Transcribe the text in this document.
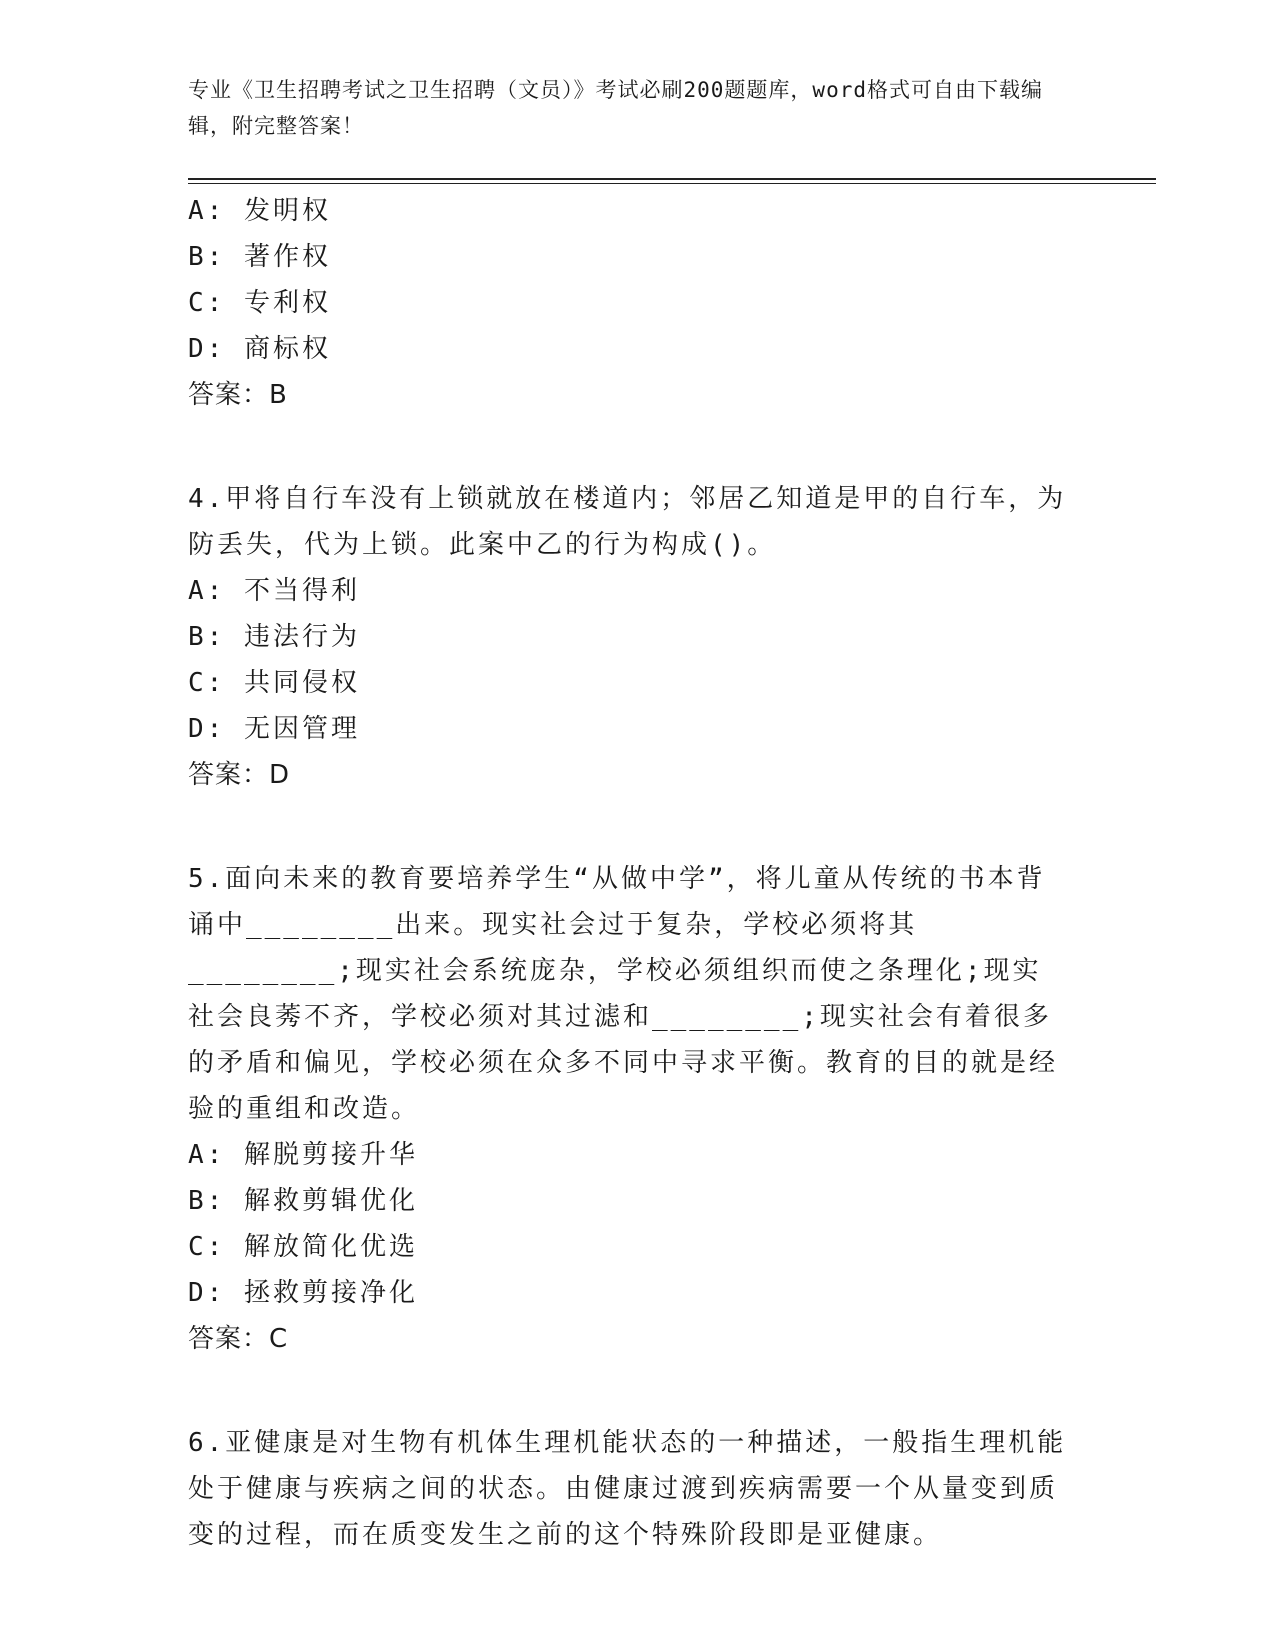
专业《卫生招聘考试之卫生招聘（文员）》考试必刷200题题库，word格式可自由下载编辑，附完整答案！
A: 发明权
B: 著作权
C: 专利权
D: 商标权
答案：B
4.甲将自行车没有上锁就放在楼道内；邻居乙知道是甲的自行车，为防丢失，代为上锁。此案中乙的行为构成()。
A: 不当得利
B: 违法行为
C: 共同侵权
D: 无因管理
答案：D
5.面向未来的教育要培养学生“从做中学”，将儿童从传统的书本背诵中________出来。现实社会过于复杂，学校必须将其________;现实社会系统庞杂，学校必须组织而使之条理化;现实社会良莠不齐，学校必须对其过滤和________;现实社会有着很多的矛盾和偏见，学校必须在众多不同中寻求平衡。教育的目的就是经验的重组和改造。
A: 解脱剪接升华
B: 解救剪辑优化
C: 解放简化优选
D: 拯救剪接净化
答案：C
6.亚健康是对生物有机体生理机能状态的一种描述，一般指生理机能处于健康与疾病之间的状态。由健康过渡到疾病需要一个从量变到质变的过程，而在质变发生之前的这个特殊阶段即是亚健康。
